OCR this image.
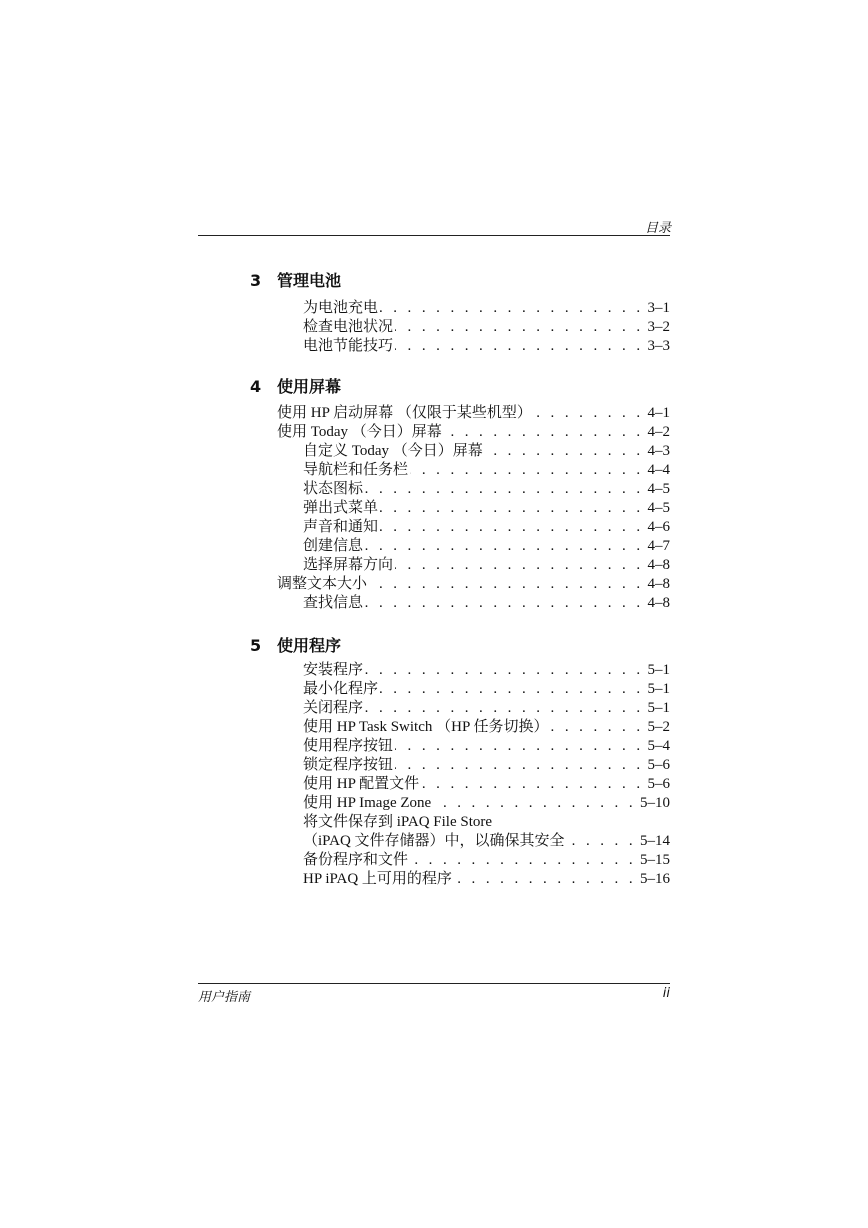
目录
3 管理电池
为电池充电 . . .	3–1
检查电池状况 . . .	3–2
电池节能技巧 . . .	3–3
4 使用屏幕
使用 HP 启动屏幕 （仅限于某些机型） . . .	4–1
使用 Today （今日）屏幕 . . .	4–2
自定义 Today （今日）屏幕 . . .	4–3
导航栏和任务栏 . . .	4–4
状态图标 . . .	4–5
弹出式菜单 . . .	4–5
声音和通知 . . .	4–6
创建信息 . . .	4–7
选择屏幕方向 . . .	4–8
调整文本大小 . . .	4–8
查找信息 . . .	4–8
5 使用程序
安装程序 . . .	5–1
最小化程序 . . .	5–1
关闭程序 . . .	5–1
使用 HP Task Switch （HP 任务切换） . . .	5–2
使用程序按钮 . . .	5–4
锁定程序按钮 . . .	5–6
使用 HP 配置文件 . . .	5–6
使用 HP Image Zone . . .	5–10
将文件保存到 iPAQ File Store
（iPAQ 文件存储器）中，以确保其安全 . . .	5–14
备份程序和文件 . . .	5–15
HP iPAQ 上可用的程序 . . .	5–16
用户指南	ii
